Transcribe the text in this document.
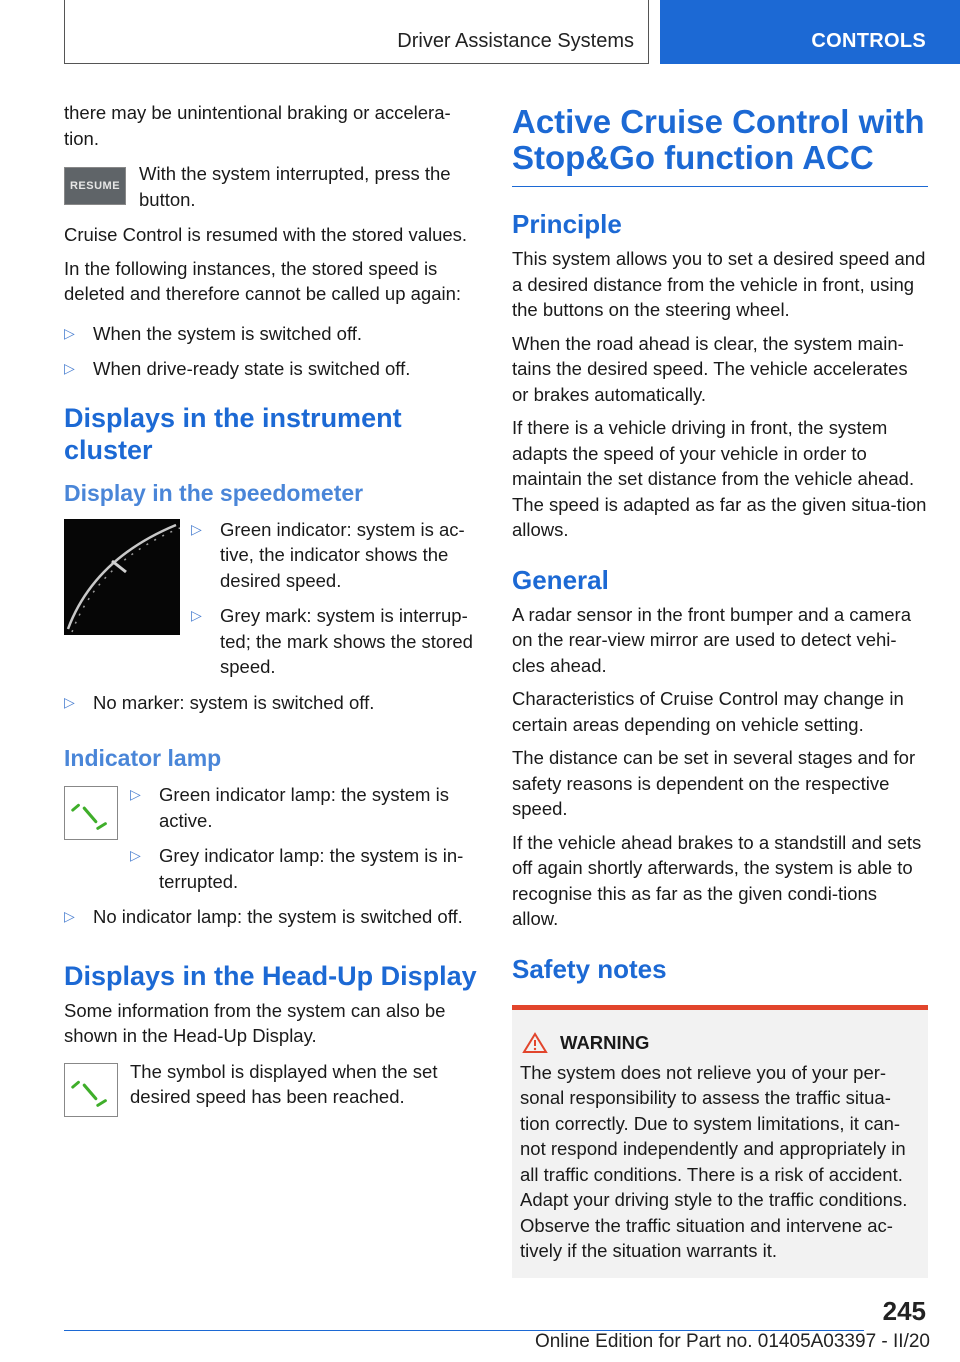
Driver Assistance Systems	CONTROLS

there may be unintentional braking or accelera‐tion.

RESUME

With the system interrupted, press the button.

Cruise Control is resumed with the stored values.

In the following instances, the stored speed is deleted and therefore cannot be called up again:

▷ When the system is switched off.
▷ When drive-ready state is switched off.
Displays in the instrument cluster
Display in the speedometer
▷ Green indicator: system is ac‐tive, the indicator shows the desired speed.
▷ Grey mark: system is interrup‐ted; the mark shows the stored speed.
▷ No marker: system is switched off.
Indicator lamp
▷ Green indicator lamp: the system is active.
▷ Grey indicator lamp: the system is in‐terrupted.
▷ No indicator lamp: the system is switched off.
Displays in the Head-Up Display

Some information from the system can also be shown in the Head-Up Display.

The symbol is displayed when the set desired speed has been reached.

Active Cruise Control with Stop&Go function ACC
Principle

This system allows you to set a desired speed and a desired distance from the vehicle in front, using the buttons on the steering wheel.

When the road ahead is clear, the system main‐tains the desired speed. The vehicle accelerates or brakes automatically.

If there is a vehicle driving in front, the system adapts the speed of your vehicle in order to maintain the set distance from the vehicle ahead. The speed is adapted as far as the given situa‐tion allows.

General

A radar sensor in the front bumper and a camera on the rear-view mirror are used to detect vehi‐cles ahead.

Characteristics of Cruise Control may change in certain areas depending on vehicle setting.

The distance can be set in several stages and for safety reasons is dependent on the respective speed.

If the vehicle ahead brakes to a standstill and sets off again shortly afterwards, the system is able to recognise this as far as the given condi‐tions allow.

Safety notes
WARNING

The system does not relieve you of your per‐sonal responsibility to assess the traffic situa‐tion correctly. Due to system limitations, it can‐not respond independently and appropriately in all traffic conditions. There is a risk of accident. Adapt your driving style to the traffic conditions. Observe the traffic situation and intervene ac‐tively if the situation warrants it.

245
Online Edition for Part no. 01405A03397 - II/20
